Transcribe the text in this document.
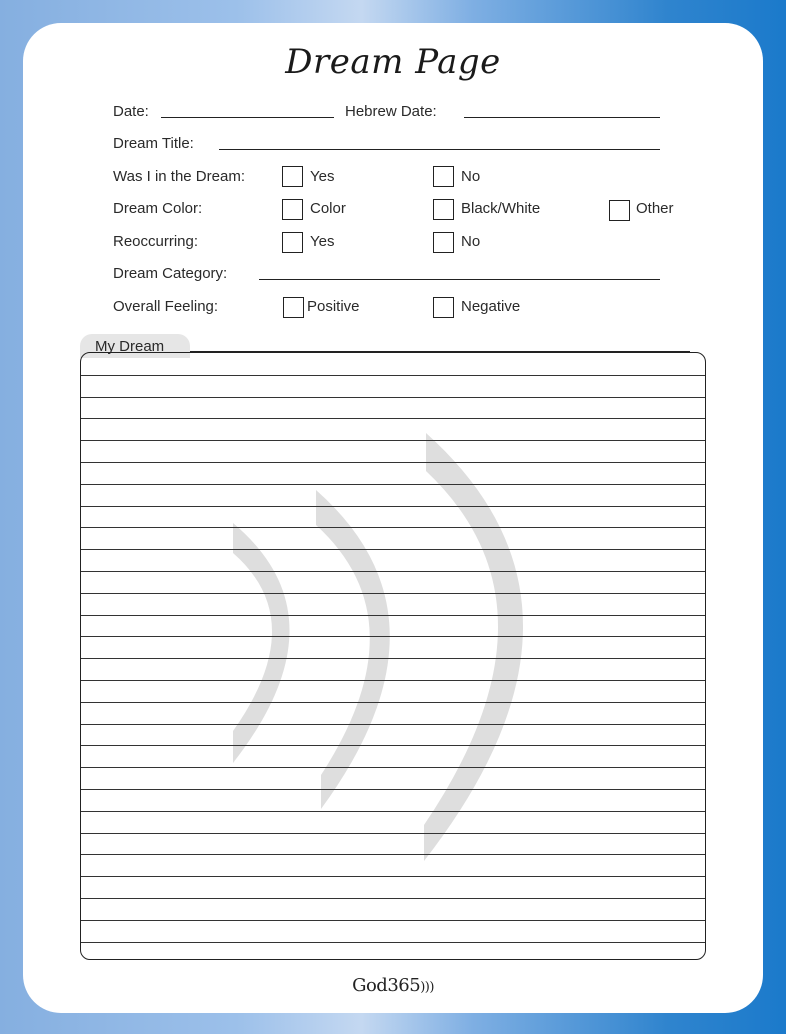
Dream Page
Date:	Hebrew Date:
Dream Title:
Was I in the Dream:	Yes	No
Dream Color:	Color	Black/White	Other
Reoccurring:	Yes	No
Dream Category:
Overall Feeling:	Positive	Negative
My Dream
God365)))
